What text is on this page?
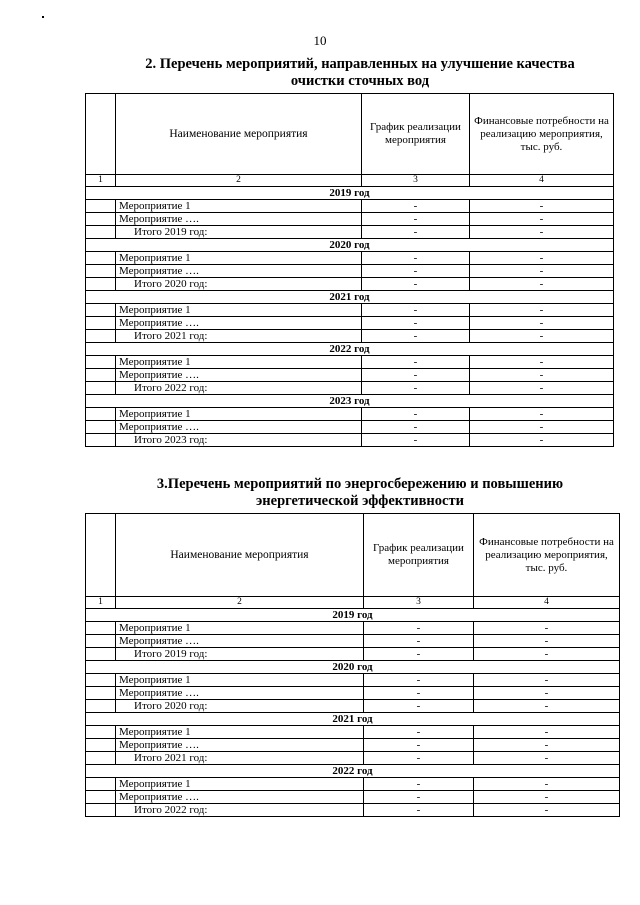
10
2. Перечень мероприятий, направленных на улучшение качества
очистки сточных вод
	Наименование мероприятия	График реализации мероприятия	Финансовые потребности на реализацию мероприятия, тыс. руб.
1	2	3	4
2019 год			
	Мероприятие 1	-	-
	Мероприятие ….	-	-
	Итого 2019 год:	-	-
2020 год			
	Мероприятие 1	-	-
	Мероприятие ….	-	-
	Итого 2020 год:	-	-
2021 год			
	Мероприятие 1	-	-
	Мероприятие ….	-	-
	Итого 2021 год:	-	-
2022 год			
	Мероприятие 1	-	-
	Мероприятие ….	-	-
	Итого 2022 год:	-	-
2023 год			
	Мероприятие 1	-	-
	Мероприятие ….	-	-
	Итого 2023 год:	-	-
3.Перечень мероприятий по энергосбережению и повышению
энергетической эффективности
	Наименование мероприятия	График реализации мероприятия	Финансовые потребности на реализацию мероприятия, тыс. руб.
1	2	3	4
2019 год			
	Мероприятие 1	-	-
	Мероприятие ….	-	-
	Итого 2019 год:	-	-
2020 год			
	Мероприятие 1	-	-
	Мероприятие ….	-	-
	Итого 2020 год:	-	-
2021 год			
	Мероприятие 1	-	-
	Мероприятие ….	-	-
	Итого 2021 год:	-	-
2022 год			
	Мероприятие 1	-	-
	Мероприятие ….	-	-
	Итого 2022 год:	-	-
